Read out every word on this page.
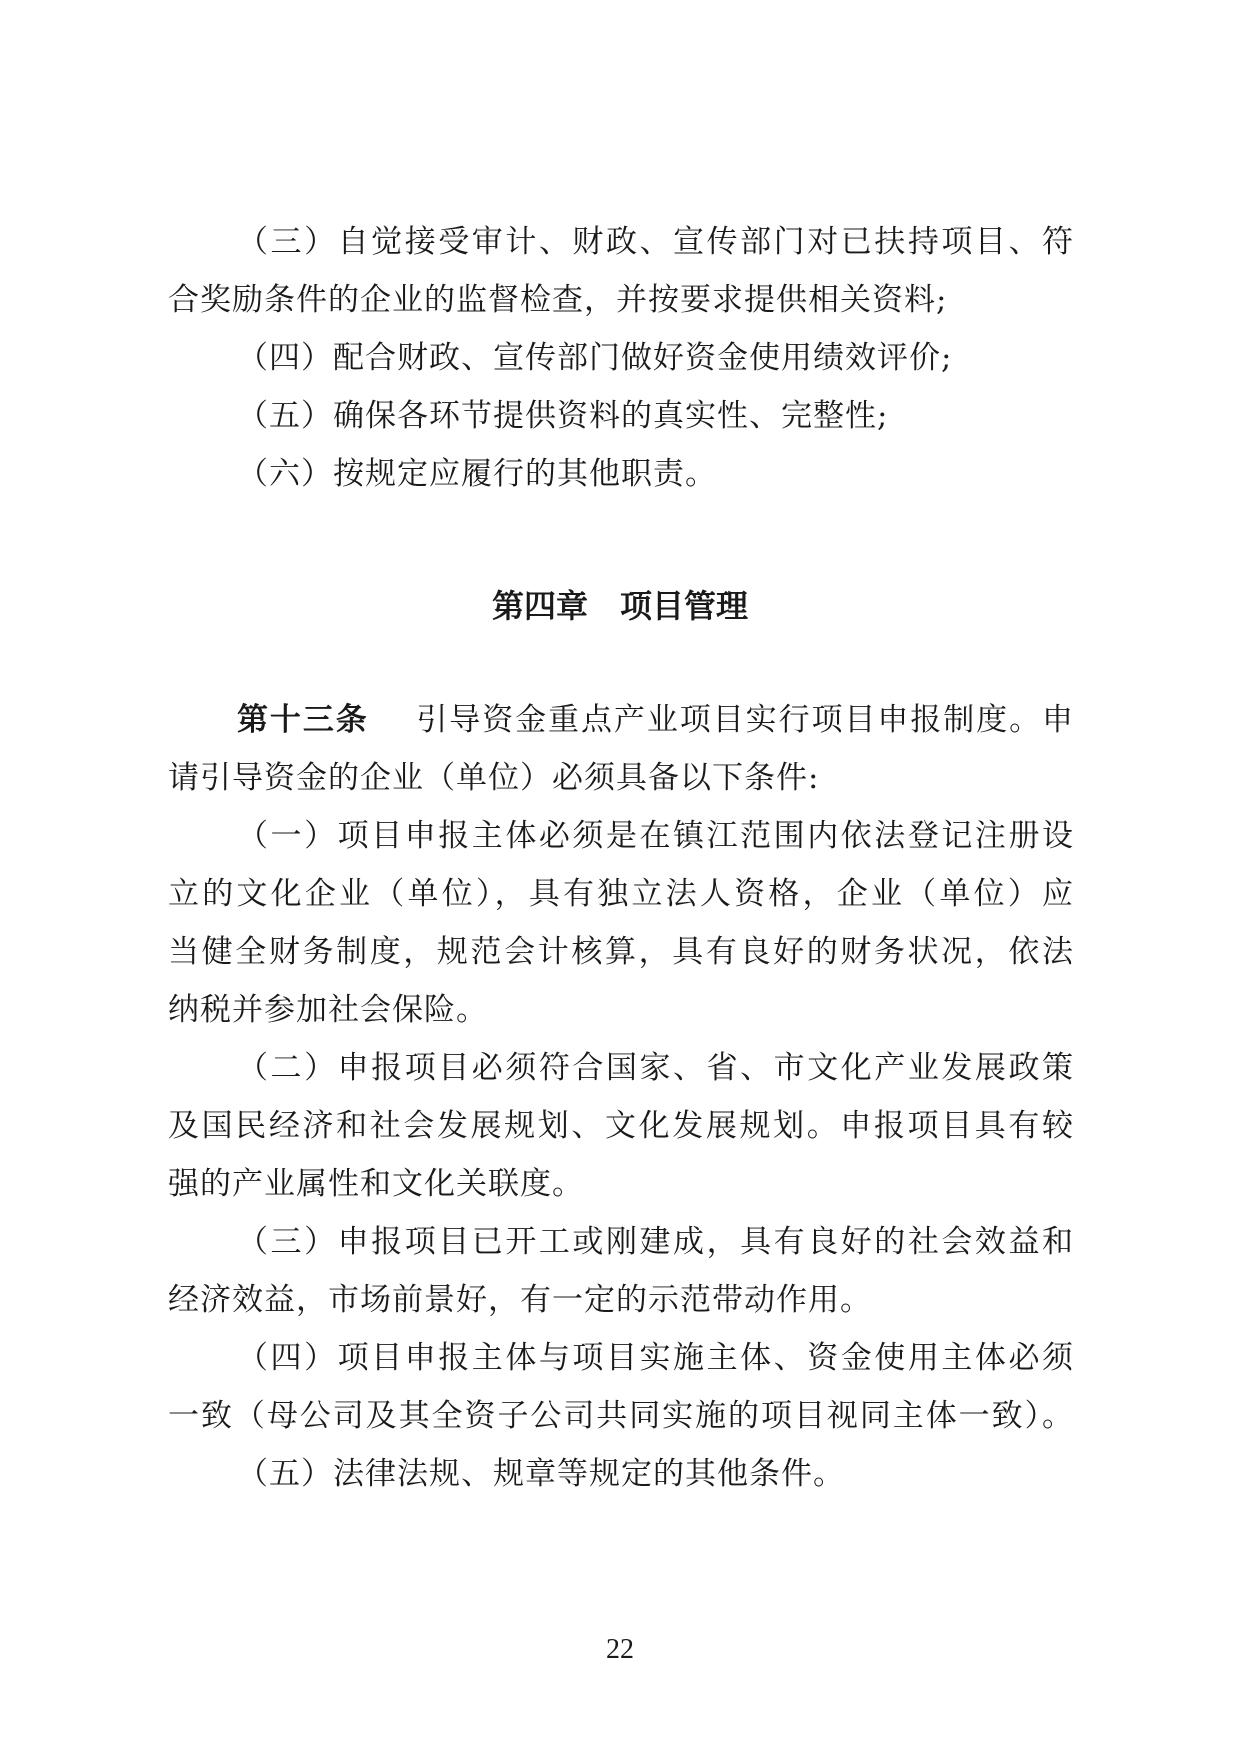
（三）自觉接受审计、财政、宣传部门对已扶持项目、符
合奖励条件的企业的监督检查，并按要求提供相关资料;
（四）配合财政、宣传部门做好资金使用绩效评价;
（五）确保各环节提供资料的真实性、完整性;
（六）按规定应履行的其他职责。
第四章　项目管理
第十三条 引导资金重点产业项目实行项目申报制度。申
请引导资金的企业（单位）必须具备以下条件:
（一）项目申报主体必须是在镇江范围内依法登记注册设
立的文化企业（单位），具有独立法人资格，企业（单位）应
当健全财务制度，规范会计核算，具有良好的财务状况，依法
纳税并参加社会保险。
（二）申报项目必须符合国家、省、市文化产业发展政策
及国民经济和社会发展规划、文化发展规划。申报项目具有较
强的产业属性和文化关联度。
（三）申报项目已开工或刚建成，具有良好的社会效益和
经济效益，市场前景好，有一定的示范带动作用。
（四）项目申报主体与项目实施主体、资金使用主体必须
一致（母公司及其全资子公司共同实施的项目视同主体一致）。
（五）法律法规、规章等规定的其他条件。
22
